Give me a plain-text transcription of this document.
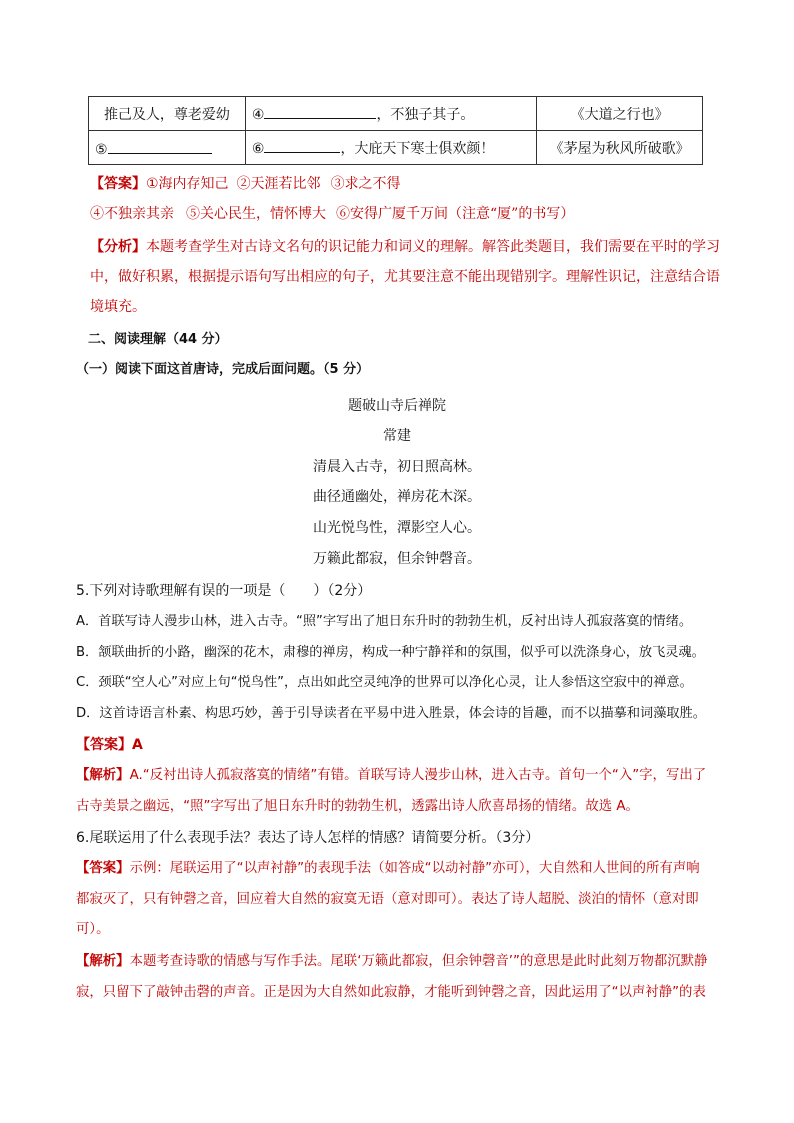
推己及人，尊老爱幼	④ ，不独子其子。	《大道之行也》
⑤	⑥ ，大庇天下寒士俱欢颜！	《茅屋为秋风所破歌》
【答案】①海内存知己 ②天涯若比邻 ③求之不得
④不独亲其亲 ⑤关心民生，情怀博大 ⑥安得广厦千万间（注意“厦”的书写）
【分析】本题考查学生对古诗文名句的识记能力和词义的理解。解答此类题目，我们需要在平时的学习
中，做好积累，根据提示语句写出相应的句子，尤其要注意不能出现错别字。理解性识记，注意结合语
境填充。
二、阅读理解（44 分）
（一）阅读下面这首唐诗，完成后面问题。（5 分）
题破山寺后禅院
常建
清晨入古寺，初日照高林。
曲径通幽处，禅房花木深。
山光悦鸟性，潭影空人心。
万籁此都寂，但余钟磬音。
5.下列对诗歌理解有误的一项是（　　）（2分）
A．首联写诗人漫步山林，进入古寺。“照”字写出了旭日东升时的勃勃生机，反衬出诗人孤寂落寞的情绪。
B．颔联曲折的小路，幽深的花木，肃穆的禅房，构成一种宁静祥和的氛围，似乎可以洗涤身心，放飞灵魂。
C．颈联“空人心”对应上句“悦鸟性”，点出如此空灵纯净的世界可以净化心灵，让人参悟这空寂中的禅意。
D．这首诗语言朴素、构思巧妙，善于引导读者在平易中进入胜景，体会诗的旨趣，而不以描摹和词藻取胜。
【答案】A
【解析】A.“反衬出诗人孤寂落寞的情绪”有错。首联写诗人漫步山林，进入古寺。首句一个“入”字，写出了
古寺美景之幽远，“照”字写出了旭日东升时的勃勃生机，透露出诗人欣喜昂扬的情绪。故选 A。
6.尾联运用了什么表现手法？表达了诗人怎样的情感？请简要分析。（3分）
【答案】示例：尾联运用了“以声衬静”的表现手法（如答成“以动衬静”亦可），大自然和人世间的所有声响
都寂灭了，只有钟磬之音，回应着大自然的寂寞无语（意对即可）。表达了诗人超脱、淡泊的情怀（意对即
可）。
【解析】本题考查诗歌的情感与写作手法。尾联‘万籁此都寂，但余钟磬音’”的意思是此时此刻万物都沉默静
寂，只留下了敲钟击磬的声音。正是因为大自然如此寂静，才能听到钟磬之音，因此运用了“以声衬静”的表
